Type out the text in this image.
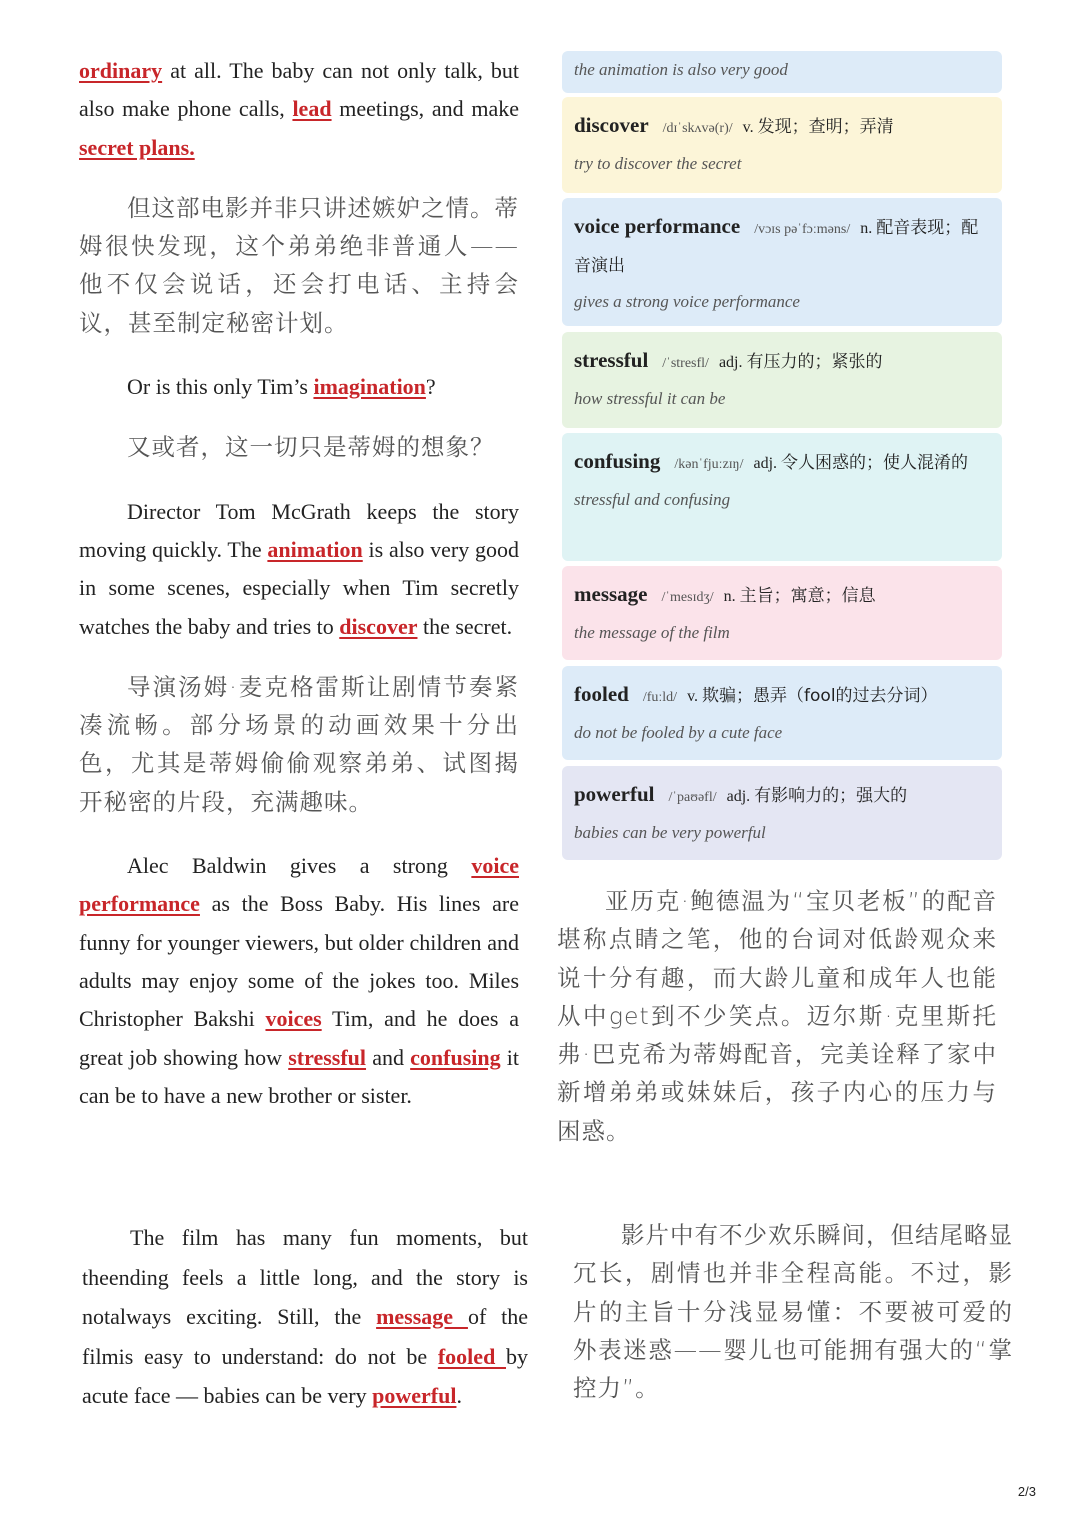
ordinary at all. The baby can not only talk, but also make phone calls, lead meetings, and make secret plans.

但这部电影并非只讲述嫉妒之情。蒂姆很快发现，这个弟弟绝非普通人——他不仅会说话，还会打电话、主持会议，甚至制定秘密计划。

Or is this only Tim’s imagination?

又或者，这一切只是蒂姆的想象？

Director Tom McGrath keeps the story moving quickly. The animation is also very good in some scenes, especially when Tim secretly watches the baby and tries to discover the secret.

导演汤姆·麦克格雷斯让剧情节奏紧凑流畅。部分场景的动画效果十分出色，尤其是蒂姆偷偷观察弟弟、试图揭开秘密的片段，充满趣味。

Alec Baldwin gives a strong voice performance as the Boss Baby. His lines are funny for younger viewers, but older children and adults may enjoy some of the jokes too. Miles Christopher Bakshi voices Tim, and he does a great job showing how stressful and confusing it can be to have a new brother or sister.

The film has many fun moments, but theending feels a little long, and the story is notalways exciting. Still, the message of the filmis easy to understand: do not be fooled by acute face — babies can be very powerful.

the animation is also very good
discover /dɪˈskʌvə(r)/ v. 发现；查明；弄清
try to discover the secret
voice performance /vɔɪs pəˈfɔːməns/ n. 配音表现；配音演出
gives a strong voice performance
stressful /ˈstresfl/ adj. 有压力的；紧张的
how stressful it can be
confusing /kənˈfjuːzɪŋ/ adj. 令人困惑的；使人混淆的
stressful and confusing
message /ˈmesɪdʒ/ n. 主旨；寓意；信息
the message of the film
fooled /fuːld/ v. 欺骗；愚弄（fool的过去分词）
do not be fooled by a cute face
powerful /ˈpaʊəfl/ adj. 有影响力的；强大的
babies can be very powerful

亚历克·鲍德温为“宝贝老板”的配音堪称点睛之笔，他的台词对低龄观众来说十分有趣，而大龄儿童和成年人也能从中get到不少笑点。迈尔斯·克里斯托弗·巴克希为蒂姆配音，完美诠释了家中新增弟弟或妹妹后，孩子内心的压力与困惑。

影片中有不少欢乐瞬间，但结尾略显冗长，剧情也并非全程高能。不过，影片的主旨十分浅显易懂：不要被可爱的外表迷惑——婴儿也可能拥有强大的“掌控力”。

2/3
